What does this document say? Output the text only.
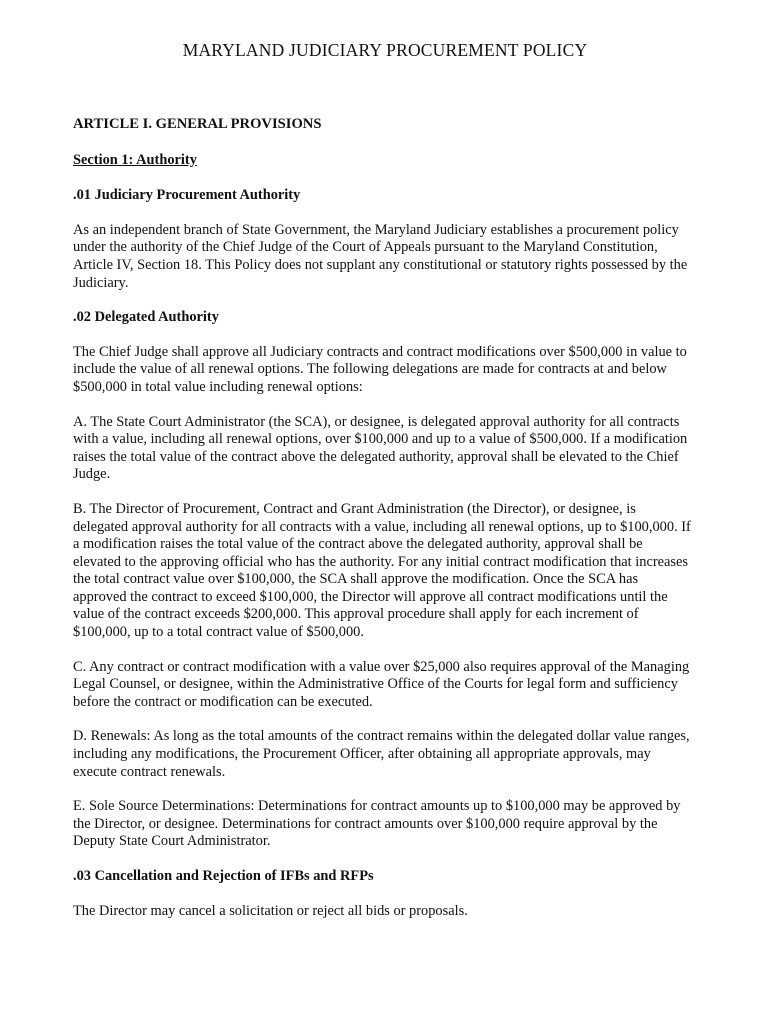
MARYLAND JUDICIARY PROCUREMENT POLICY
ARTICLE I. GENERAL PROVISIONS
Section 1: Authority
.01 Judiciary Procurement Authority

As an independent branch of State Government, the Maryland Judiciary establishes a procurement policy under the authority of the Chief Judge of the Court of Appeals pursuant to the Maryland Constitution, Article IV, Section 18. This Policy does not supplant any constitutional or statutory rights possessed by the Judiciary.

.02 Delegated Authority

The Chief Judge shall approve all Judiciary contracts and contract modifications over $500,000 in value to include the value of all renewal options. The following delegations are made for contracts at and below $500,000 in total value including renewal options:

A. The State Court Administrator (the SCA), or designee, is delegated approval authority for all contracts with a value, including all renewal options, over $100,000 and up to a value of $500,000. If a modification raises the total value of the contract above the delegated authority, approval shall be elevated to the Chief Judge.

B. The Director of Procurement, Contract and Grant Administration (the Director), or designee, is delegated approval authority for all contracts with a value, including all renewal options, up to $100,000. If a modification raises the total value of the contract above the delegated authority, approval shall be elevated to the approving official who has the authority. For any initial contract modification that increases the total contract value over $100,000, the SCA shall approve the modification. Once the SCA has approved the contract to exceed $100,000, the Director will approve all contract modifications until the value of the contract exceeds $200,000. This approval procedure shall apply for each increment of $100,000, up to a total contract value of $500,000.

C. Any contract or contract modification with a value over $25,000 also requires approval of the Managing Legal Counsel, or designee, within the Administrative Office of the Courts for legal form and sufficiency before the contract or modification can be executed.

D. Renewals: As long as the total amounts of the contract remains within the delegated dollar value ranges, including any modifications, the Procurement Officer, after obtaining all appropriate approvals, may execute contract renewals.

E. Sole Source Determinations: Determinations for contract amounts up to $100,000 may be approved by the Director, or designee. Determinations for contract amounts over $100,000 require approval by the Deputy State Court Administrator.

.03 Cancellation and Rejection of IFBs and RFPs

The Director may cancel a solicitation or reject all bids or proposals.
